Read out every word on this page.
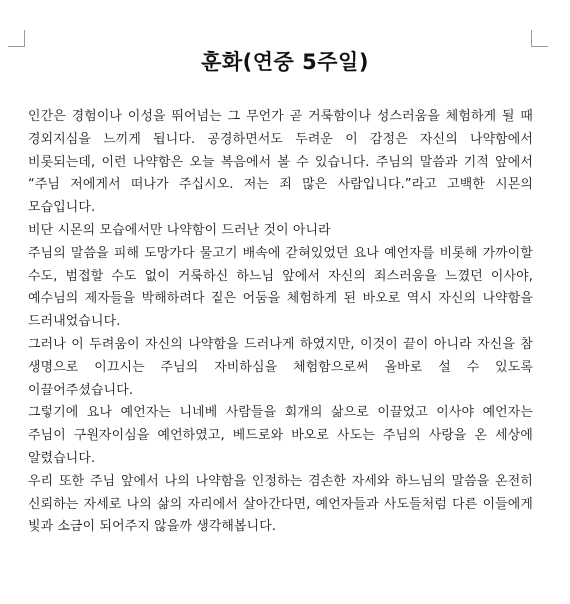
훈화(연중 5주일)

인간은 경험이나 이성을 뛰어넘는 그 무언가 곧 거룩함이나 성스러움을 체험하게 될 때 경외지심을 느끼게 됩니다. 공경하면서도 두려운 이 감정은 자신의 나약함에서 비롯되는데, 이런 나약함은 오늘 복음에서 볼 수 있습니다. 주님의 말씀과 기적 앞에서 “주님 저에게서 떠나가 주십시오. 저는 죄 많은 사람입니다.”라고 고백한 시몬의 모습입니다.

비단 시몬의 모습에서만 나약함이 드러난 것이 아니라

주님의 말씀을 피해 도망가다 물고기 배속에 갇혀있었던 요나 예언자를 비롯해 가까이할 수도, 범접할 수도 없이 거룩하신 하느님 앞에서 자신의 죄스러움을 느꼈던 이사야, 예수님의 제자들을 박해하려다 짙은 어둠을 체험하게 된 바오로 역시 자신의 나약함을 드러내었습니다.

그러나 이 두려움이 자신의 나약함을 드러나게 하였지만, 이것이 끝이 아니라 자신을 참 생명으로 이끄시는 주님의 자비하심을 체험함으로써 올바로 설 수 있도록 이끌어주셨습니다.

그렇기에 요나 예언자는 니네베 사람들을 회개의 삶으로 이끌었고 이사야 예언자는 주님이 구원자이심을 예언하였고, 베드로와 바오로 사도는 주님의 사랑을 온 세상에 알렸습니다.

우리 또한 주님 앞에서 나의 나약함을 인정하는 겸손한 자세와 하느님의 말씀을 온전히 신뢰하는 자세로 나의 삶의 자리에서 살아간다면, 예언자들과 사도들처럼 다른 이들에게 빛과 소금이 되어주지 않을까 생각해봅니다.
